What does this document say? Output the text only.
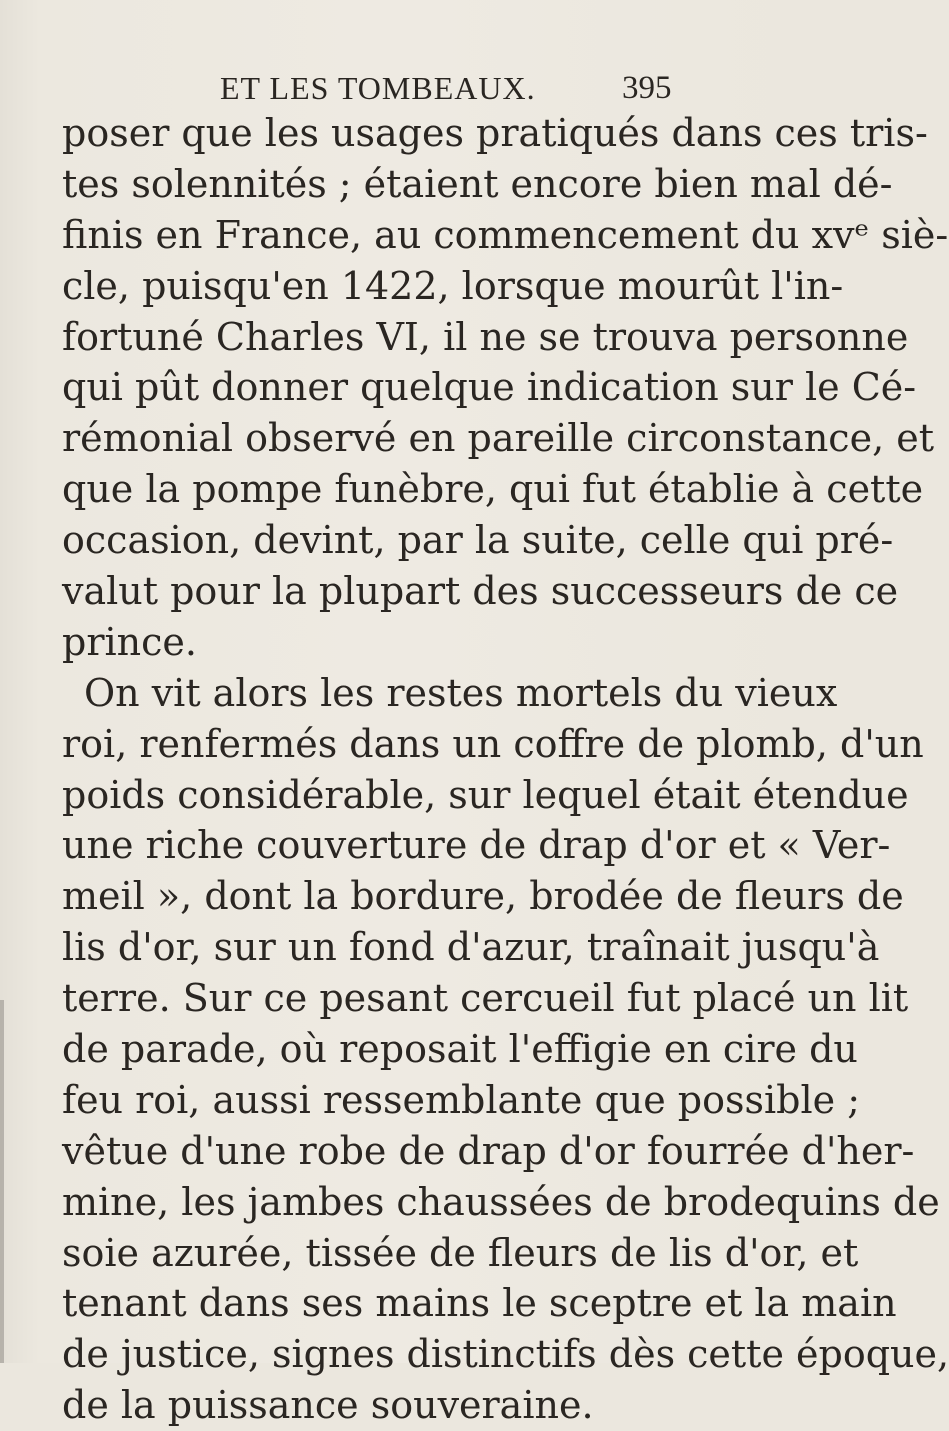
ET LES TOMBEAUX.	395
poser que les usages pratiqués dans ces tris-
tes solennités ; étaient encore bien mal dé-
finis en France, au commencement du xvᵉ siè-
cle, puisqu'en 1422, lorsque mourût l'in-
fortuné Charles VI, il ne se trouva personne
qui pût donner quelque indication sur le Cé-
rémonial observé en pareille circonstance, et
que la pompe funèbre, qui fut établie à cette
occasion, devint, par la suite, celle qui pré-
valut pour la plupart des successeurs de ce
prince.
On vit alors les restes mortels du vieux
roi, renfermés dans un coffre de plomb, d'un
poids considérable, sur lequel était étendue
une riche couverture de drap d'or et « Ver-
meil », dont la bordure, brodée de fleurs de
lis d'or, sur un fond d'azur, traînait jusqu'à
terre. Sur ce pesant cercueil fut placé un lit
de parade, où reposait l'effigie en cire du
feu roi, aussi ressemblante que possible ;
vêtue d'une robe de drap d'or fourrée d'her-
mine, les jambes chaussées de brodequins de
soie azurée, tissée de fleurs de lis d'or, et
tenant dans ses mains le sceptre et la main
de justice, signes distinctifs dès cette époque,
de la puissance souveraine.
